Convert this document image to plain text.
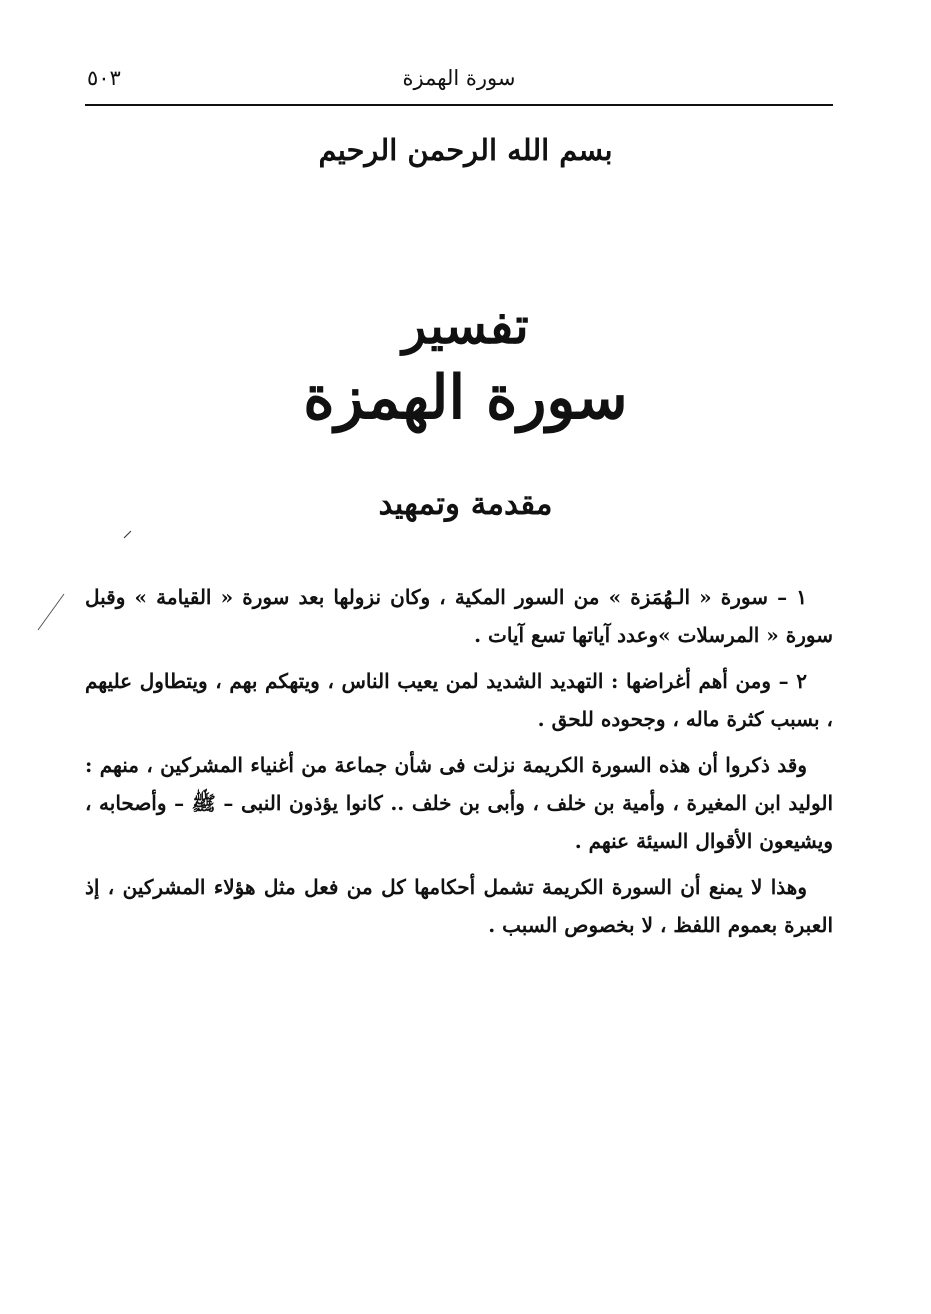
سورة الهمزة
٥٠٣
بسم الله الرحمن الرحيم
تفسير
سورة الهمزة
مقدمة وتمهيد

١ – سورة « الـهُمَزة » من السور المكية ، وكان نزولها بعد سورة « القيامة » وقبل سورة « المرسلات »وعدد آياتها تسع آيات .

٢ – ومن أهم أغراضها : التهديد الشديد لمن يعيب الناس ، ويتهكم بهم ، ويتطاول عليهم ، بسبب كثرة ماله ، وجحوده للحق .

وقد ذكروا أن هذه السورة الكريمة نزلت فى شأن جماعة من أغنياء المشركين ، منهم : الوليد ابن المغيرة ، وأمية بن خلف ، وأبى بن خلف .. كانوا يؤذون النبى – ﷺ – وأصحابه ، ويشيعون الأقوال السيئة عنهم .

وهذا لا يمنع أن السورة الكريمة تشمل أحكامها كل من فعل مثل هؤلاء المشركين ، إذ العبرة بعموم اللفظ ، لا بخصوص السبب .
